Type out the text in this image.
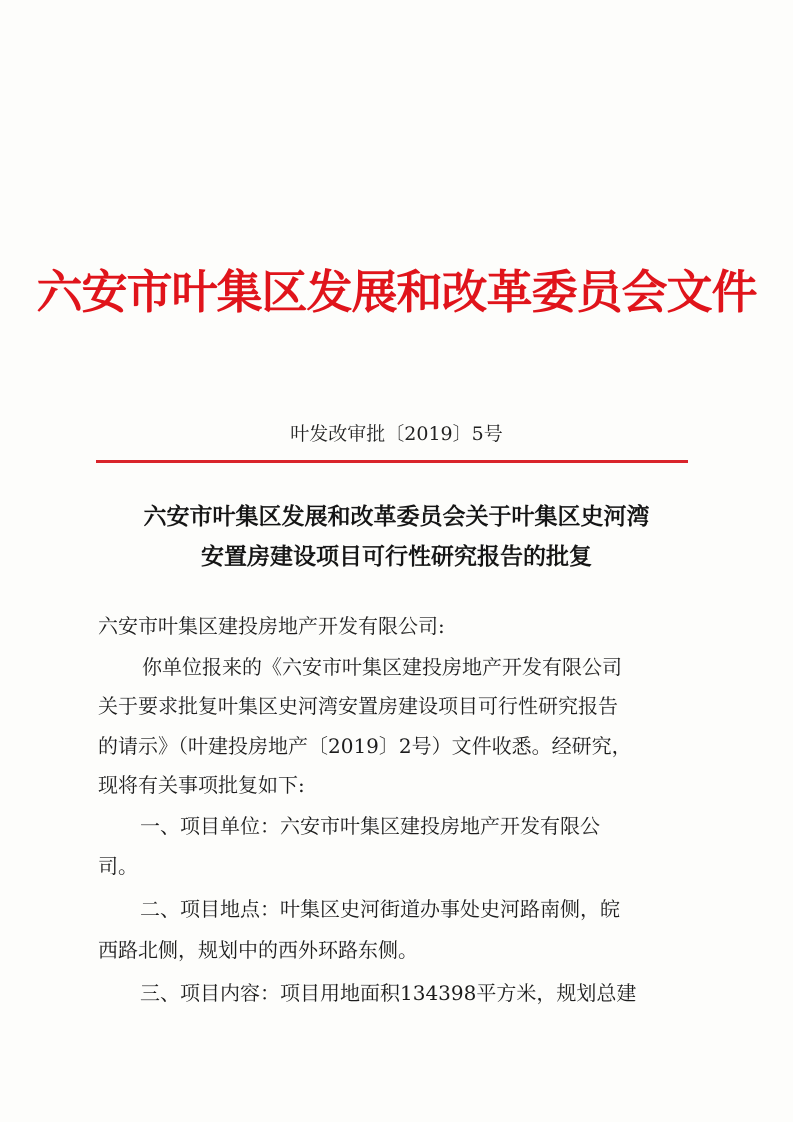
六安市叶集区发展和改革委员会文件
叶发改审批〔2019〕5号
六安市叶集区发展和改革委员会关于叶集区史河湾
安置房建设项目可行性研究报告的批复

六安市叶集区建投房地产开发有限公司:

你单位报来的《六安市叶集区建投房地产开发有限公司

关于要求批复叶集区史河湾安置房建设项目可行性研究报告

的请示》（叶建投房地产〔2019〕2号）文件收悉。经研究，

现将有关事项批复如下:

一、项目单位：六安市叶集区建投房地产开发有限公

司。

二、项目地点：叶集区史河街道办事处史河路南侧，皖

西路北侧，规划中的西外环路东侧。

三、项目内容：项目用地面积134398平方米，规划总建
